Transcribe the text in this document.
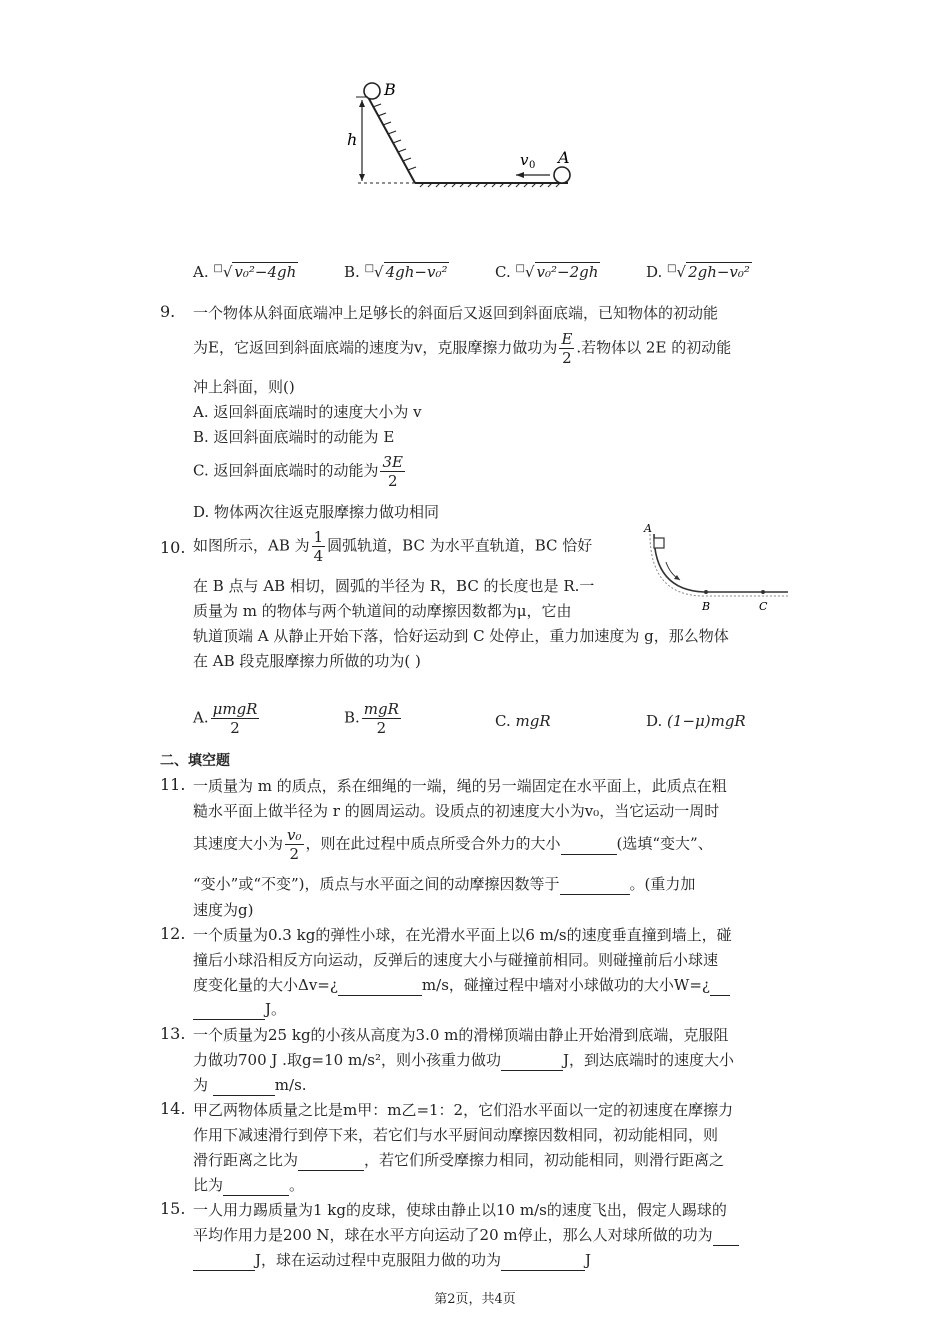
B
h
v 0 A
A. □√ v₀²−4gh	B. □√ 4gh−v₀²	C. □√ v₀²−2gh	D. □√ 2gh−v₀²
9. 一个物体从斜面底端冲上足够长的斜面后又返回到斜面底端，已知物体的初动能
为E，它返回到斜面底端的速度为v，克服摩擦力做功为 $\frac{E}{2}$ .若物体以 2E 的初动能
冲上斜面，则()
A. 返回斜面底端时的速度大小为 v
B. 返回斜面底端时的动能为 E
C. 返回斜面底端时的动能为 $\frac{3E}{2}$
D. 物体两次往返克服摩擦力做功相同
10. 如图所示，AB 为 $\frac{1}{4}$ 圆弧轨道，BC 为水平直轨道，BC 恰好
在 B 点与 AB 相切，圆弧的半径为 R，BC 的长度也是 R.一
质量为 m 的物体与两个轨道间的动摩擦因数都为μ，它由
轨道顶端 A 从静止开始下落，恰好运动到 C 处停止，重力加速度为 g，那么物体
在 AB 段克服摩擦力所做的功为( )
A
B	C
A. $\frac{\text{μmgR}}{2}$	B. $\frac{\text{mgR}}{2}$	C. mgR	D. (1−μ)mgR
二、填空题
11. 一质量为 m 的质点，系在细绳的一端，绳的另一端固定在水平面上，此质点在粗
糙水平面上做半径为 r 的圆周运动。设质点的初速度大小为v₀，当它运动一周时
其速度大小为 $\frac{\text{v₀}}{2}$ ，则在此过程中质点所受合外力的大小	(选填“变大”、
“变小”或“不变”)，质点与水平面之间的动摩擦因数等于	。(重力加
速度为g)
12. 一个质量为0.3 kg的弹性小球，在光滑水平面上以6 m/s的速度垂直撞到墙上，碰
撞后小球沿相反方向运动，反弹后的速度大小与碰撞前相同。则碰撞前后小球速
度变化量的大小Δv=¿	m/s，碰撞过程中墙对小球做功的大小W=¿
J。
13. 一个质量为25 kg的小孩从高度为3.0 m的滑梯顶端由静止开始滑到底端，克服阻
力做功700 J .取g=10 m/s²，则小孩重力做功	J，到达底端时的速度大小
为	m/s.
14. 甲乙两物体质量之比是m甲：m乙=1：2，它们沿水平面以一定的初速度在摩擦力
作用下减速滑行到停下来，若它们与水平厨间动摩擦因数相同，初动能相同，则
滑行距离之比为	，若它们所受摩擦力相同，初动能相同，则滑行距离之
比为	。
15. 一人用力踢质量为1 kg的皮球，使球由静止以10 m/s的速度飞出，假定人踢球的
平均作用力是200 N，球在水平方向运动了20 m停止，那么人对球所做的功为
J，球在运动过程中克服阻力做的功为	J
第2页，共4页
